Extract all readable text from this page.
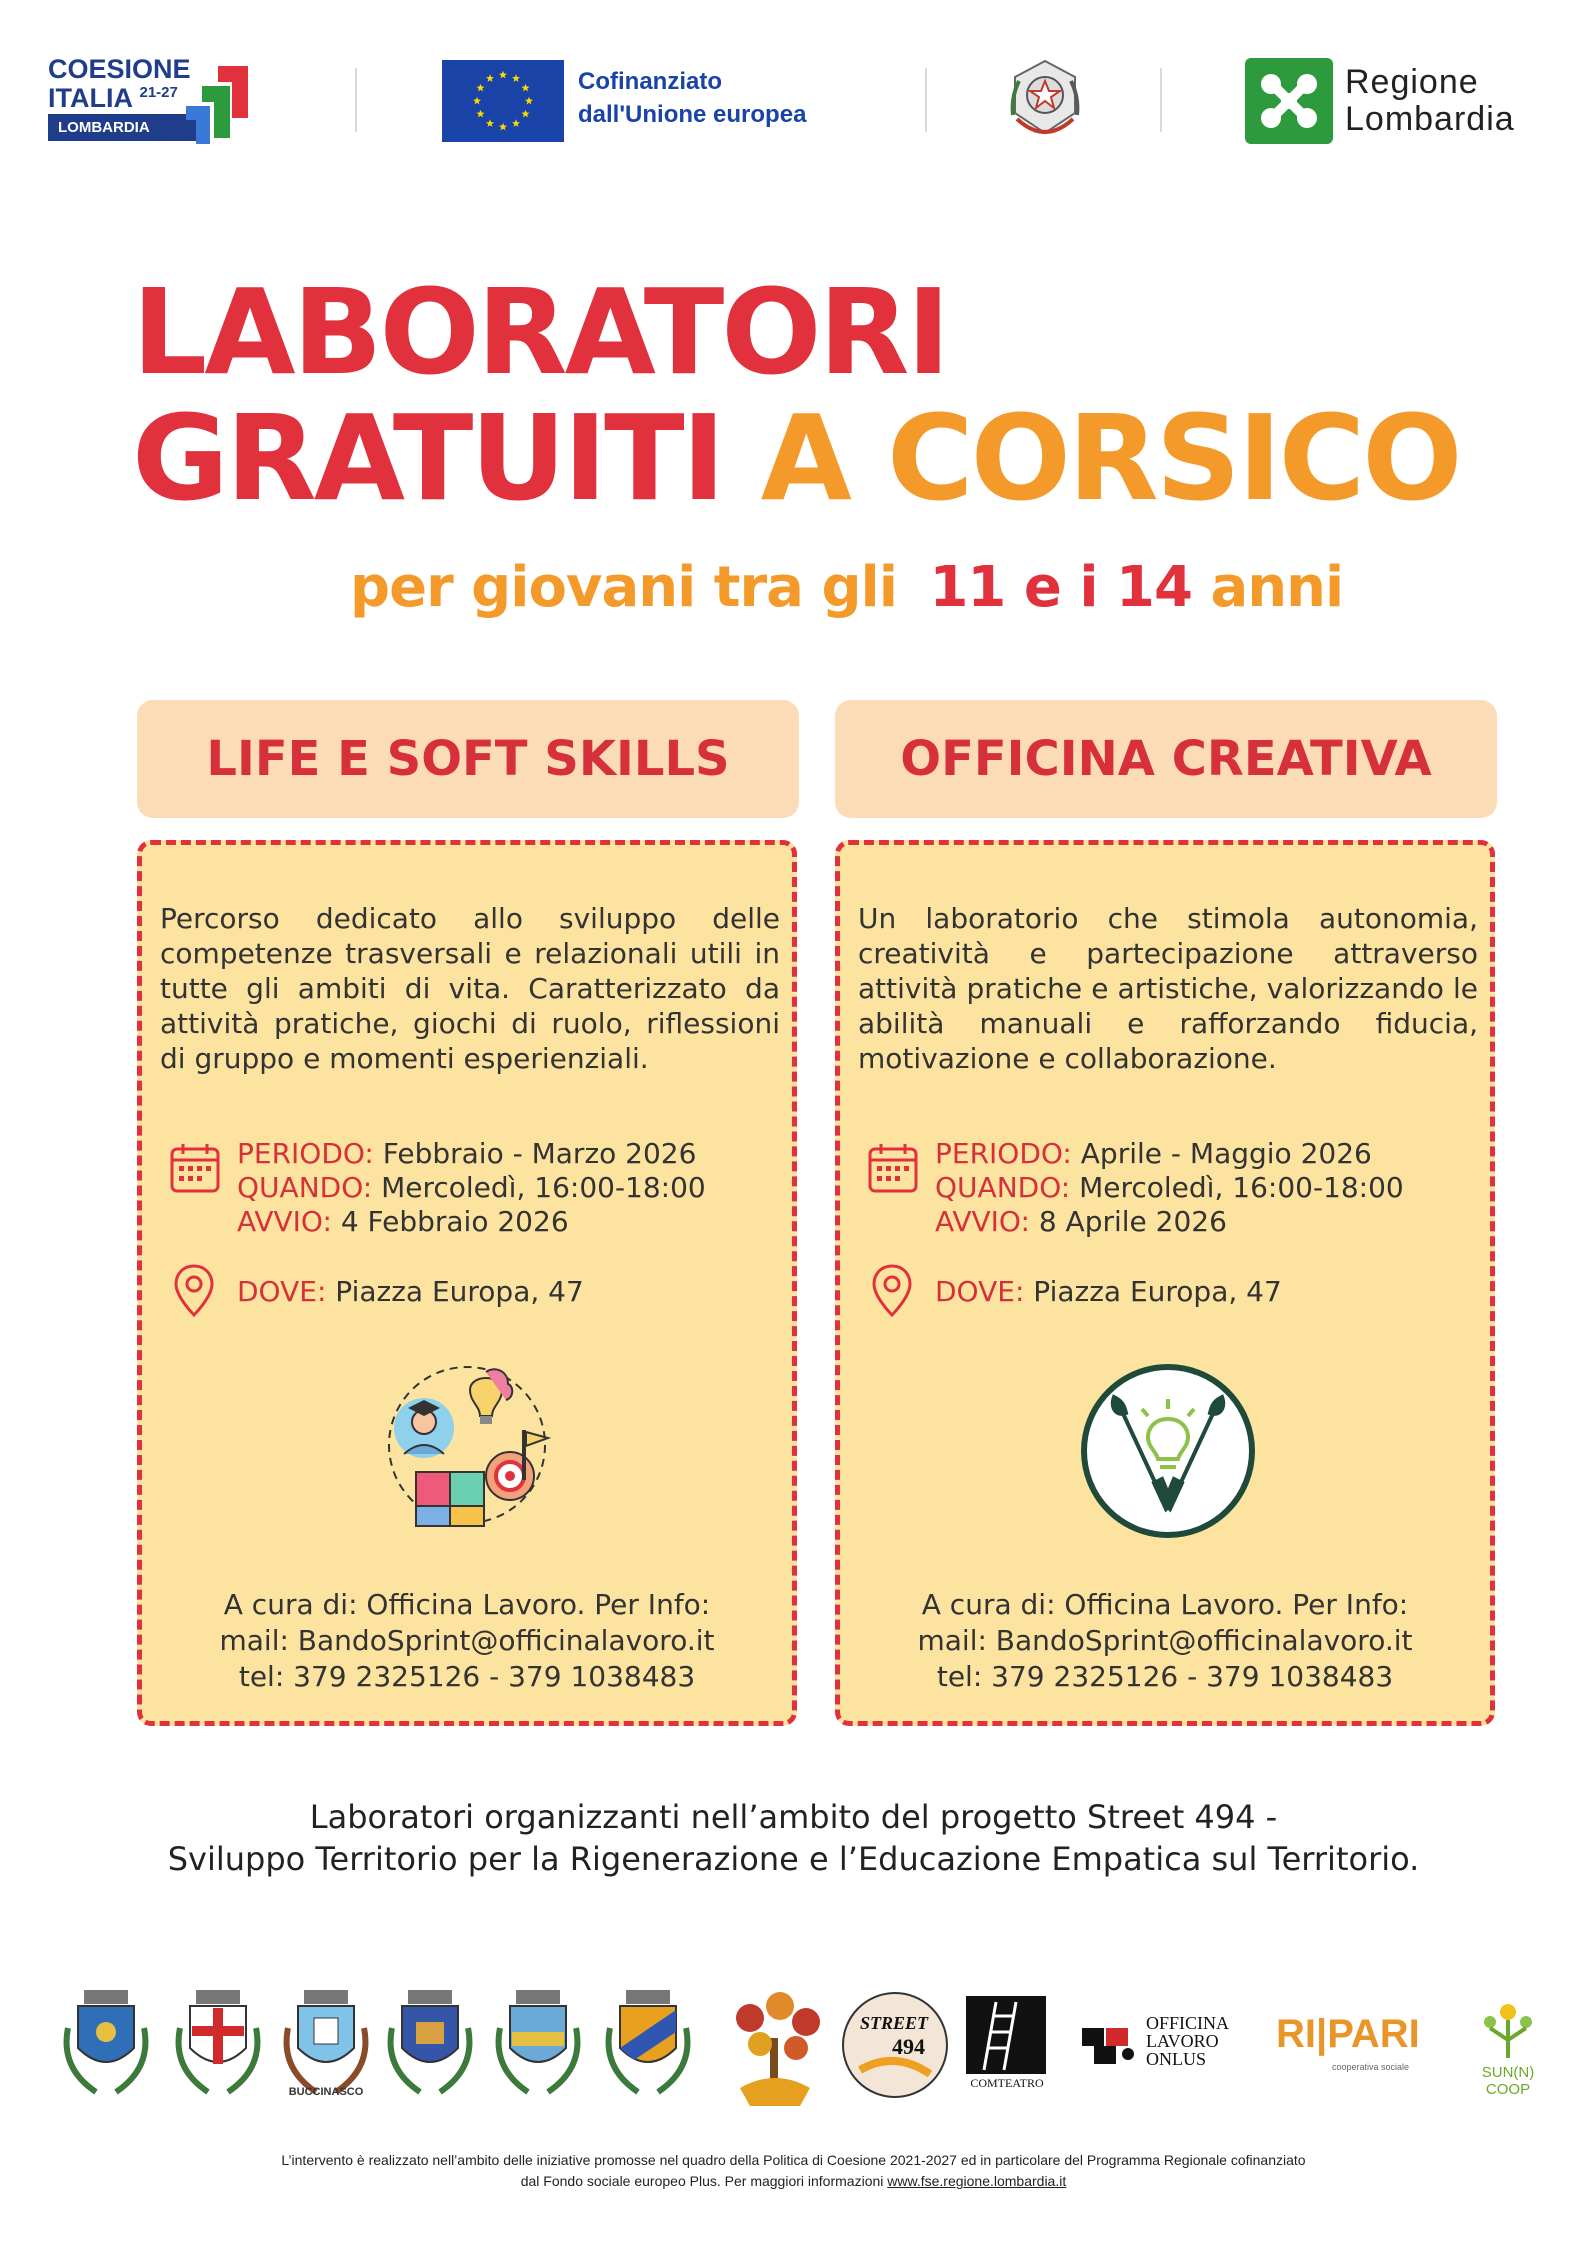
COESIONE
ITALIA $^{21-27}$
LOMBARDIA
Cofinanziato
dall'Unione europea
Regione
Lombardia
LABORATORI
GRATUITI A CORSICO
per giovani tra gli 11 e i 14 anni
LIFE E SOFT SKILLS
Percorso dedicato allo sviluppo delle competenze trasversali e relazionali utili in tutte gli ambiti di vita. Caratterizzato da attività pratiche, giochi di ruolo, riflessioni di gruppo e momenti esperienziali.
PERIODO: Febbraio - Marzo 2026
QUANDO: Mercoledì, 16:00-18:00
AVVIO: 4 Febbraio 2026
DOVE: Piazza Europa, 47
A cura di: Officina Lavoro. Per Info:
mail: BandoSprint@officinalavoro.it
tel: 379 2325126 - 379 1038483
OFFICINA CREATIVA
Un laboratorio che stimola autonomia, creatività e partecipazione attraverso attività pratiche e artistiche, valorizzando le abilità manuali e rafforzando fiducia, motivazione e collaborazione.
PERIODO: Aprile - Maggio 2026
QUANDO: Mercoledì, 16:00-18:00
AVVIO: 8 Aprile 2026
DOVE: Piazza Europa, 47
A cura di: Officina Lavoro. Per Info:
mail: BandoSprint@officinalavoro.it
tel: 379 2325126 - 379 1038483
Laboratori organizzanti nell’ambito del progetto Street 494 -
Sviluppo Territorio per la Rigenerazione e l’Educazione Empatica sul Territorio.
BUCCINASCO
STREET
494
COMTEATRO
OFFICINA
LAVORO
ONLUS
RI|PARI
cooperativa sociale	SUN(N) COOP
L’intervento è realizzato nell’ambito delle iniziative promosse nel quadro della Politica di Coesione 2021-2027 ed in particolare del Programma Regionale cofinanziato
dal Fondo sociale europeo Plus. Per maggiori informazioni www.fse.regione.lombardia.it
